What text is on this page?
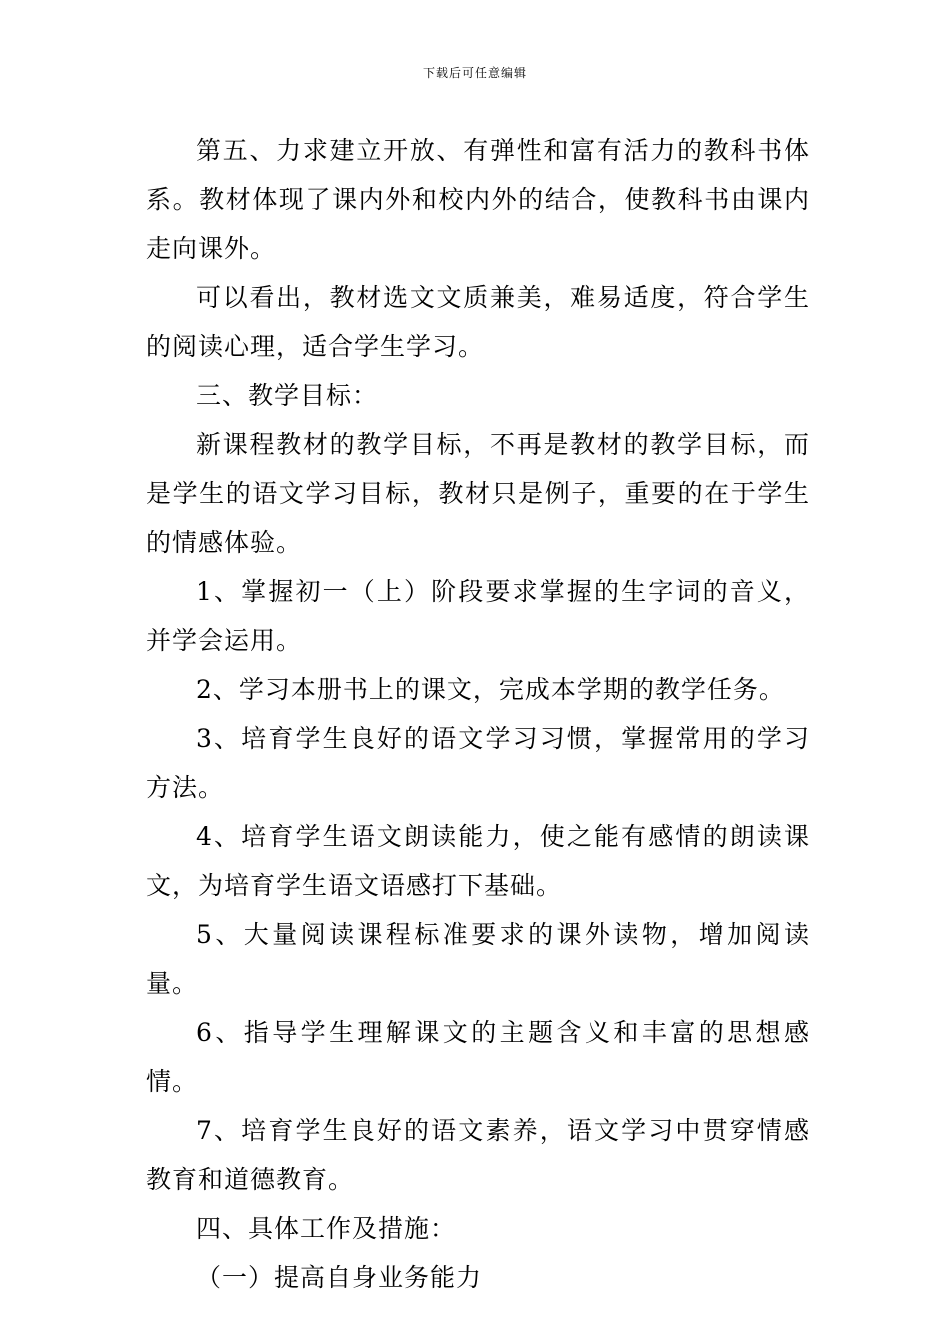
下载后可任意编辑

第五、力求建立开放、有弹性和富有活力的教科书体系。教材体现了课内外和校内外的结合，使教科书由课内走向课外。

可以看出，教材选文文质兼美，难易适度，符合学生的阅读心理，适合学生学习。

三、教学目标：

新课程教材的教学目标，不再是教材的教学目标，而是学生的语文学习目标，教材只是例子，重要的在于学生的情感体验。

1、掌握初一（上）阶段要求掌握的生字词的音义，并学会运用。

2、学习本册书上的课文，完成本学期的教学任务。

3、培育学生良好的语文学习习惯，掌握常用的学习方法。

4、培育学生语文朗读能力，使之能有感情的朗读课文，为培育学生语文语感打下基础。

5、大量阅读课程标准要求的课外读物，增加阅读量。

6、指导学生理解课文的主题含义和丰富的思想感情。

7、培育学生良好的语文素养，语文学习中贯穿情感教育和道德教育。

四、具体工作及措施：

（一）提高自身业务能力
